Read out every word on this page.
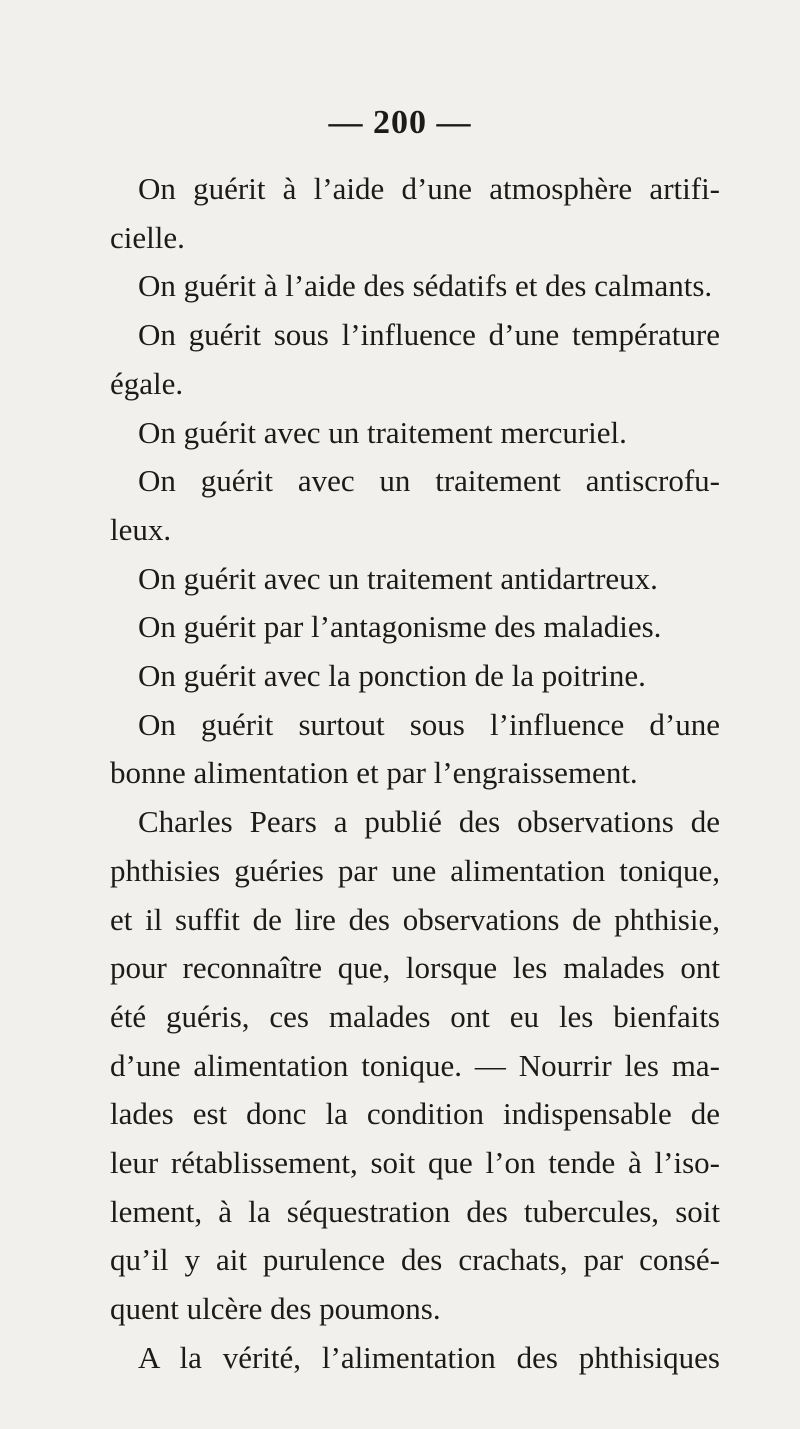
— 200 —
On guérit à l’aide d’une atmosphère artifi-
cielle.
On guérit à l’aide des sédatifs et des calmants.
On guérit sous l’influence d’une température
égale.
On guérit avec un traitement mercuriel.
On guérit avec un traitement antiscrofu-
leux.
On guérit avec un traitement antidartreux.
On guérit par l’antagonisme des maladies.
On guérit avec la ponction de la poitrine.
On guérit surtout sous l’influence d’une
bonne alimentation et par l’engraissement.
Charles Pears a publié des observations de
phthisies guéries par une alimentation tonique,
et il suffit de lire des observations de phthisie,
pour reconnaître que, lorsque les malades ont
été guéris, ces malades ont eu les bienfaits
d’une alimentation tonique. — Nourrir les ma-
lades est donc la condition indispensable de
leur rétablissement, soit que l’on tende à l’iso-
lement, à la séquestration des tubercules, soit
qu’il y ait purulence des crachats, par consé-
quent ulcère des poumons.
A la vérité, l’alimentation des phthisiques
